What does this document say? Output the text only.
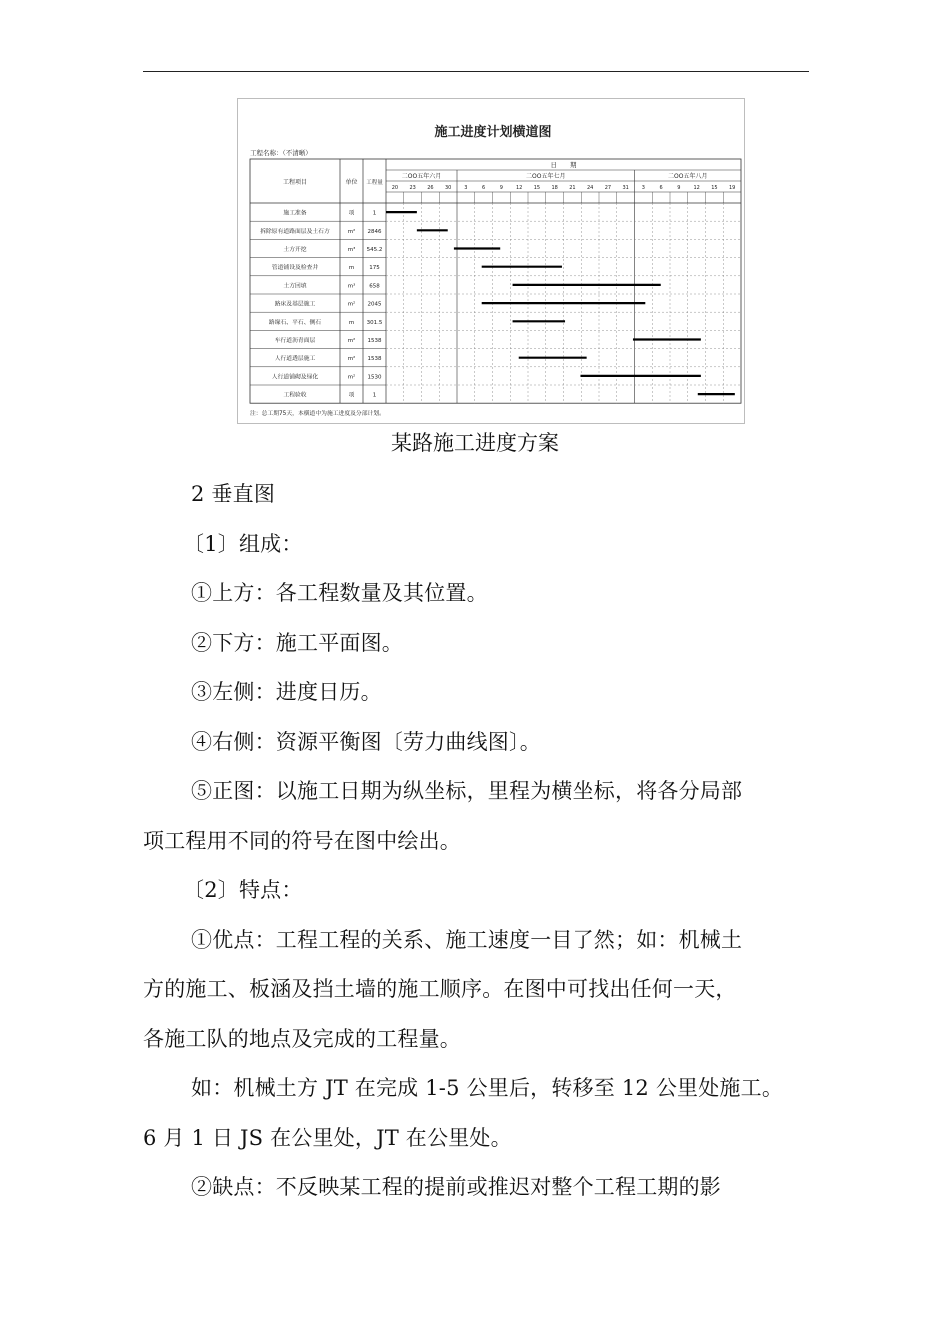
施工进度计划横道图
工程名称：（不清晰）
工程项目	单位 工程量
日　　期
二OO五年六月	二OO五年七月	二OO五年八月
20 23 26 30	3	6	9	12 15 18 21 24 27 31	3	6	9	12 15 19
施工准备	项	1
拆除原有道路面层及土石方	m² 2846
土方开挖	m³ 545.2
管道铺设及检查井	m	175
土方回填	m³	658
路床及基层施工	m² 2045
路缘石、平石、侧石	m 301.5
车行道沥青面层	m² 1538
人行道透层施工	m² 1538
人行道铺砌及绿化	m² 1530
工程验收	项	1
注：总工期75天，本横道中为施工进度及分部计划。
某路施工进度方案

2 垂直图

〔1〕组成：

①上方：各工程数量及其位置。

②下方：施工平面图。

③左侧：进度日历。

④右侧：资源平衡图〔劳力曲线图〕。

⑤正图：以施工日期为纵坐标，里程为横坐标，将各分局部

项工程用不同的符号在图中绘出。

〔2〕特点：

①优点：工程工程的关系、施工速度一目了然；如：机械土

方的施工、板涵及挡土墙的施工顺序。在图中可找出任何一天，

各施工队的地点及完成的工程量。

如：机械土方 JT 在完成 1-5 公里后，转移至 12 公里处施工。

6 月 1 日 JS 在公里处，JT 在公里处。

②缺点：不反映某工程的提前或推迟对整个工程工期的影
